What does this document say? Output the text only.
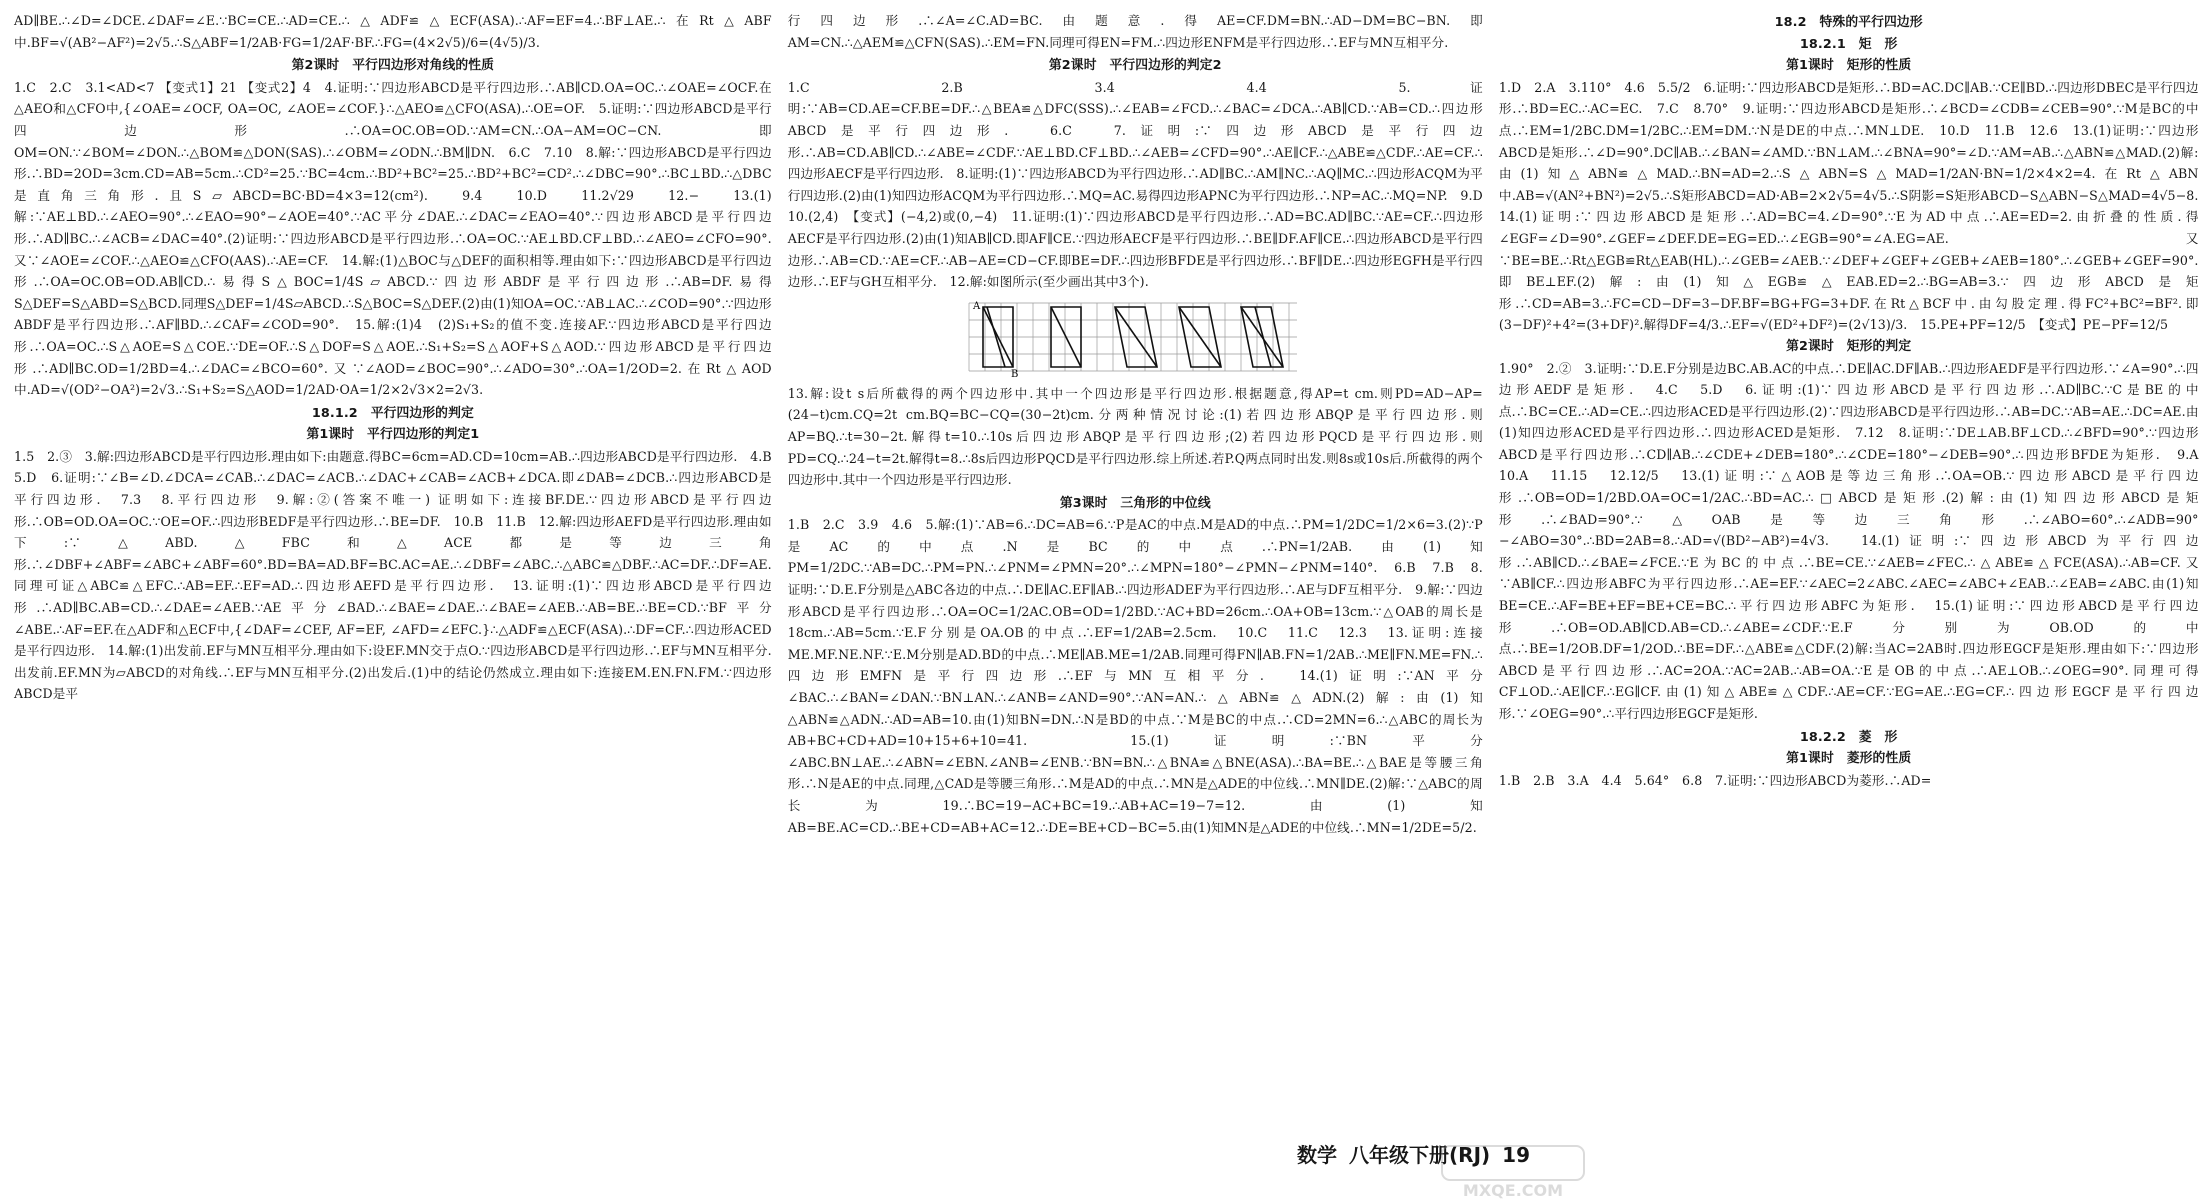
AD∥BE.∴∠D=∠DCE.∠DAF=∠E.∵BC=CE.∴AD=CE.∴△ADF≌△ECF(ASA).∴AF=EF=4.∴BF⊥AE.∴在Rt△ABF中.BF=√(AB²−AF²)=2√5.∴S△ABF=1/2AB·FG=1/2AF·BF.∴FG=(4×2√5)/6=(4√5)/3.

第2课时　平行四边形对角线的性质

1.C　2.C　3.1<AD<7 【变式1】21 【变式2】4　4.证明:∵四边形ABCD是平行四边形.∴AB∥CD.OA=OC.∴∠OAE=∠OCF.在△AEO和△CFO中,{∠OAE=∠OCF, OA=OC, ∠AOE=∠COF.}∴△AEO≌△CFO(ASA).∴OE=OF.　5.证明:∵四边形ABCD是平行四边形.∴OA=OC.OB=OD.∵AM=CN.∴OA−AM=OC−CN.即OM=ON.∵∠BOM=∠DON.∴△BOM≌△DON(SAS).∴∠OBM=∠ODN.∴BM∥DN.　6.C　7.10　8.解:∵四边形ABCD是平行四边形.∴BD=2OD=3cm.CD=AB=5cm.∴CD²=25.∵BC=4cm.∴BD²+BC²=25.∴BD²+BC²=CD².∴∠DBC=90°.∴BC⊥BD.∴△DBC是直角三角形.且S▱ABCD=BC·BD=4×3=12(cm²).　9.4　10.D　11.2√29　12.−　13.(1)解:∵AE⊥BD.∴∠AEO=90°.∴∠EAO=90°−∠AOE=40°.∵AC平分∠DAE.∴∠DAC=∠EAO=40°.∵四边形ABCD是平行四边形.∴AD∥BC.∴∠ACB=∠DAC=40°.(2)证明:∵四边形ABCD是平行四边形.∴OA=OC.∵AE⊥BD.CF⊥BD.∴∠AEO=∠CFO=90°.又∵∠AOE=∠COF.∴△AEO≌△CFO(AAS).∴AE=CF.　14.解:(1)△BOC与△DEF的面积相等.理由如下:∵四边形ABCD是平行四边形.∴OA=OC.OB=OD.AB∥CD.∴易得S△BOC=1/4S▱ABCD.∵四边形ABDF是平行四边形.∴AB=DF.易得S△DEF=S△ABD=S△BCD.同理S△DEF=1/4S▱ABCD.∴S△BOC=S△DEF.(2)由(1)知OA=OC.∵AB⊥AC.∴∠COD=90°.∵四边形ABDF是平行四边形.∴AF∥BD.∴∠CAF=∠COD=90°.　15.解:(1)4　(2)S₁+S₂的值不变.连接AF.∵四边形ABCD是平行四边形.∴OA=OC.∴S△AOE=S△COE.∵DE=OF.∴S△DOF=S△AOE.∴S₁+S₂=S△AOF+S△AOD.∵四边形ABCD是平行四边形.∴AD∥BC.OD=1/2BD=4.∴∠DAC=∠BCO=60°.又∵∠AOD=∠BOC=90°.∴∠ADO=30°.∴OA=1/2OD=2.在Rt△AOD中.AD=√(OD²−OA²)=2√3.∴S₁+S₂=S△AOD=1/2AD·OA=1/2×2√3×2=2√3.

18.1.2　平行四边形的判定

第1课时　平行四边形的判定1

1.5　2.③　3.解:四边形ABCD是平行四边形.理由如下:由题意.得BC=6cm=AD.CD=10cm=AB.∴四边形ABCD是平行四边形.　4.B　5.D　6.证明:∵∠B=∠D.∠DCA=∠CAB.∴∠DAC=∠ACB.∴∠DAC+∠CAB=∠ACB+∠DCA.即∠DAB=∠DCB.∴四边形ABCD是平行四边形.　7.3　8.平行四边形　9.解:②(答案不唯一) 证明如下:连接BF.DE.∵四边形ABCD是平行四边形.∴OB=OD.OA=OC.∵OE=OF.∴四边形BEDF是平行四边形.∴BE=DF.　10.B　11.B　12.解:四边形AEFD是平行四边形.理由如下:∵△ABD.△FBC和△ACE都是等边三角形.∴∠DBF+∠ABF=∠ABC+∠ABF=60°.BD=BA=AD.BF=BC.AC=AE.∴∠DBF=∠ABC.∴△ABC≌△DBF.∴AC=DF.∴DF=AE.同理可证△ABC≌△EFC.∴AB=EF.∴EF=AD.∴四边形AEFD是平行四边形.　13.证明:(1)∵四边形ABCD是平行四边形.∴AD∥BC.AB=CD.∴∠DAE=∠AEB.∵AE平分∠BAD.∴∠BAE=∠DAE.∴∠BAE=∠AEB.∴AB=BE.∴BE=CD.∵BF平分∠ABE.∴AF=EF.在△ADF和△ECF中,{∠DAF=∠CEF, AF=EF, ∠AFD=∠EFC.}∴△ADF≌△ECF(ASA).∴DF=CF.∴四边形ACED是平行四边形.　14.解:(1)出发前.EF与MN互相平分.理由如下:设EF.MN交于点O.∵四边形ABCD是平行四边形.∴EF与MN互相平分.出发前.EF.MN为▱ABCD的对角线.∴EF与MN互相平分.(2)出发后.(1)中的结论仍然成立.理由如下:连接EM.EN.FN.FM.∵四边形ABCD是平

行四边形.∴∠A=∠C.AD=BC.由题意.得AE=CF.DM=BN.∴AD−DM=BC−BN.即AM=CN.∴△AEM≌△CFN(SAS).∴EM=FN.同理可得EN=FM.∴四边形ENFM是平行四边形.∴EF与MN互相平分.

第2课时　平行四边形的判定2

1.C　2.B　3.4　4.4　5.证明:∵AB=CD.AE=CF.BE=DF.∴△BEA≌△DFC(SSS).∴∠EAB=∠FCD.∴∠BAC=∠DCA.∴AB∥CD.∵AB=CD.∴四边形ABCD是平行四边形.　6.C　7.证明:∵四边形ABCD是平行四边形.∴AB=CD.AB∥CD.∴∠ABE=∠CDF.∵AE⊥BD.CF⊥BD.∴∠AEB=∠CFD=90°.∴AE∥CF.∴△ABE≌△CDF.∴AE=CF.∴四边形AECF是平行四边形.　8.证明:(1)∵四边形ABCD为平行四边形.∴AD∥BC.∴AM∥NC.∴AQ∥MC.∴四边形ACQM为平行四边形.(2)由(1)知四边形ACQM为平行四边形.∴MQ=AC.易得四边形APNC为平行四边形.∴NP=AC.∴MQ=NP.　9.D　10.(2,4)　【变式】(−4,2)或(0,−4)　11.证明:(1)∵四边形ABCD是平行四边形.∴AD=BC.AD∥BC.∵AE=CF.∴四边形AECF是平行四边形.(2)由(1)知AB∥CD.即AF∥CE.∵四边形AECF是平行四边形.∴BE∥DF.AF∥CE.∴四边形ABCD是平行四边形.∴AB=CD.∵AE=CF.∴AB−AE=CD−CF.即BE=DF.∴四边形BFDE是平行四边形.∴BF∥DE.∴四边形EGFH是平行四边形.∴EF与GH互相平分.　12.解:如图所示(至少画出其中3个).

A
B

13.解:设t s后所截得的两个四边形中.其中一个四边形是平行四边形.根据题意,得AP=t cm.则PD=AD−AP=(24−t)cm.CQ=2t cm.BQ=BC−CQ=(30−2t)cm.分两种情况讨论:(1)若四边形ABQP是平行四边形.则AP=BQ.∴t=30−2t.解得t=10.∴10s后四边形ABQP是平行四边形;(2)若四边形PQCD是平行四边形.则PD=CQ.∴24−t=2t.解得t=8.∴8s后四边形PQCD是平行四边形.综上所述.若P.Q两点同时出发.则8s或10s后.所截得的两个四边形中.其中一个四边形是平行四边形.

第3课时　三角形的中位线

1.B　2.C　3.9　4.6　5.解:(1)∵AB=6.∴DC=AB=6.∵P是AC的中点.M是AD的中点.∴PM=1/2DC=1/2×6=3.(2)∵P是AC的中点.N是BC的中点.∴PN=1/2AB.由(1)知PM=1/2DC.∵AB=DC.∴PM=PN.∴∠PNM=∠PMN=20°.∴∠MPN=180°−∠PMN−∠PNM=140°.　6.B　7.B　8.证明:∵D.E.F分别是△ABC各边的中点.∴DE∥AC.EF∥AB.∴四边形ADEF为平行四边形.∴AE与DF互相平分.　9.解:∵四边形ABCD是平行四边形.∴OA=OC=1/2AC.OB=OD=1/2BD.∵AC+BD=26cm.∴OA+OB=13cm.∵△OAB的周长是18cm.∴AB=5cm.∵E.F分别是OA.OB的中点.∴EF=1/2AB=2.5cm.　10.C　11.C　12.3　13.证明:连接ME.MF.NE.NF.∵E.M分别是AD.BD的中点.∴ME∥AB.ME=1/2AB.同理可得FN∥AB.FN=1/2AB.∴ME∥FN.ME=FN.∴四边形EMFN是平行四边形.∴EF与MN互相平分.　14.(1)证明:∵AN平分∠BAC.∴∠BAN=∠DAN.∵BN⊥AN.∴∠ANB=∠AND=90°.∵AN=AN.∴△ABN≌△ADN.(2)解:由(1)知△ABN≌△ADN.∴AD=AB=10.由(1)知BN=DN.∴N是BD的中点.∵M是BC的中点.∴CD=2MN=6.∴△ABC的周长为AB+BC+CD+AD=10+15+6+10=41.　15.(1)证明:∵BN平分∠ABC.BN⊥AE.∴∠ABN=∠EBN.∠ANB=∠ENB.∵BN=BN.∴△BNA≌△BNE(ASA).∴BA=BE.∴△BAE是等腰三角形.∴N是AE的中点.同理,△CAD是等腰三角形.∴M是AD的中点.∴MN是△ADE的中位线.∴MN∥DE.(2)解:∵△ABC的周长为19.∴BC=19−AC+BC=19.∴AB+AC=19−7=12.由(1)知AB=BE.AC=CD.∴BE+CD=AB+AC=12.∴DE=BE+CD−BC=5.由(1)知MN是△ADE的中位线.∴MN=1/2DE=5/2.

18.2　特殊的平行四边形

18.2.1　矩　形

第1课时　矩形的性质

1.D　2.A　3.110°　4.6　5.5/2　6.证明:∵四边形ABCD是矩形.∴BD=AC.DC∥AB.∵CE∥BD.∴四边形DBEC是平行四边形.∴BD=EC.∴AC=EC.　7.C　8.70°　9.证明:∵四边形ABCD是矩形.∴∠BCD=∠CDB=∠CEB=90°.∵M是BC的中点.∴EM=1/2BC.DM=1/2BC.∴EM=DM.∵N是DE的中点.∴MN⊥DE.　10.D　11.B　12.6　13.(1)证明:∵四边形ABCD是矩形.∴∠D=90°.DC∥AB.∴∠BAN=∠AMD.∵BN⊥AM.∴∠BNA=90°=∠D.∵AM=AB.∴△ABN≌△MAD.(2)解:由(1)知△ABN≌△MAD.∴BN=AD=2.∴S△ABN=S△MAD=1/2AN·BN=1/2×4×2=4.在Rt△ABN中.AB=√(AN²+BN²)=2√5.∴S矩形ABCD=AD·AB=2×2√5=4√5.∴S阴影=S矩形ABCD−S△ABN−S△MAD=4√5−8.　14.(1)证明:∵四边形ABCD是矩形.∴AD=BC=4.∠D=90°.∵E为AD中点.∴AE=ED=2.由折叠的性质.得∠EGF=∠D=90°.∠GEF=∠DEF.DE=EG=ED.∴∠EGB=90°=∠A.EG=AE.又∵BE=BE.∴Rt△EGB≌Rt△EAB(HL).∴∠GEB=∠AEB.∵∠DEF+∠GEF+∠GEB+∠AEB=180°.∴∠GEB+∠GEF=90°.即BE⊥EF.(2)解:由(1)知△EGB≌△EAB.ED=2.∴BG=AB=3.∵四边形ABCD是矩形.∴CD=AB=3.∴FC=CD−DF=3−DF.BF=BG+FG=3+DF.在Rt△BCF中.由勾股定理.得FC²+BC²=BF².即(3−DF)²+4²=(3+DF)².解得DF=4/3.∴EF=√(ED²+DF²)=(2√13)/3.　15.PE+PF=12/5　【变式】PE−PF=12/5

第2课时　矩形的判定

1.90°　2.②　3.证明:∵D.E.F分别是边BC.AB.AC的中点.∴DE∥AC.DF∥AB.∴四边形AEDF是平行四边形.∵∠A=90°.∴四边形AEDF是矩形.　4.C　5.D　6.证明:(1)∵四边形ABCD是平行四边形.∴AD∥BC.∵C是BE的中点.∴BC=CE.∴AD=CE.∴四边形ACED是平行四边形.(2)∵四边形ABCD是平行四边形.∴AB=DC.∵AB=AE.∴DC=AE.由(1)知四边形ACED是平行四边形.∴四边形ACED是矩形.　7.12　8.证明:∵DE⊥AB.BF⊥CD.∴∠BFD=90°.∵四边形ABCD是平行四边形.∴CD∥AB.∴∠CDE+∠DEB=180°.∴∠CDE=180°−∠DEB=90°.∴四边形BFDE为矩形.　9.A　10.A　11.15　12.12/5　13.(1)证明:∵△AOB是等边三角形.∴OA=OB.∵四边形ABCD是平行四边形.∴OB=OD=1/2BD.OA=OC=1/2AC.∴BD=AC.∴□ABCD是矩形.(2)解:由(1)知四边形ABCD是矩形.∴∠BAD=90°.∵△OAB是等边三角形.∴∠ABO=60°.∴∠ADB=90°−∠ABO=30°.∴BD=2AB=8.∴AD=√(BD²−AB²)=4√3.　14.(1)证明:∵四边形ABCD为平行四边形.∴AB∥CD.∴∠BAE=∠FCE.∵E为BC的中点.∴BE=CE.∵∠AEB=∠FEC.∴△ABE≌△FCE(ASA).∴AB=CF.又∵AB∥CF.∴四边形ABFC为平行四边形.∴AE=EF.∵∠AEC=2∠ABC.∠AEC=∠ABC+∠EAB.∴∠EAB=∠ABC.由(1)知BE=CE.∴AF=BE+EF=BE+CE=BC.∴平行四边形ABFC为矩形.　15.(1)证明:∵四边形ABCD是平行四边形.∴OB=OD.AB∥CD.AB=CD.∴∠ABE=∠CDF.∵E.F分别为OB.OD的中点.∴BE=1/2OB.DF=1/2OD.∴BE=DF.∴△ABE≌△CDF.(2)解:当AC=2AB时.四边形EGCF是矩形.理由如下:∵四边形ABCD是平行四边形.∴AC=2OA.∵AC=2AB.∴AB=OA.∵E是OB的中点.∴AE⊥OB.∴∠OEG=90°.同理可得CF⊥OD.∴AE∥CF.∴EG∥CF.由(1)知△ABE≌△CDF.∴AE=CF.∵EG=AE.∴EG=CF.∴四边形EGCF是平行四边形.∵∠OEG=90°.∴平行四边形EGCF是矩形.

18.2.2　菱　形

第1课时　菱形的性质

1.B　2.B　3.A　4.4　5.64°　6.8　7.证明:∵四边形ABCD为菱形.∴AD=

数学 八年级下册(RJ) 19
MXQE.COM
